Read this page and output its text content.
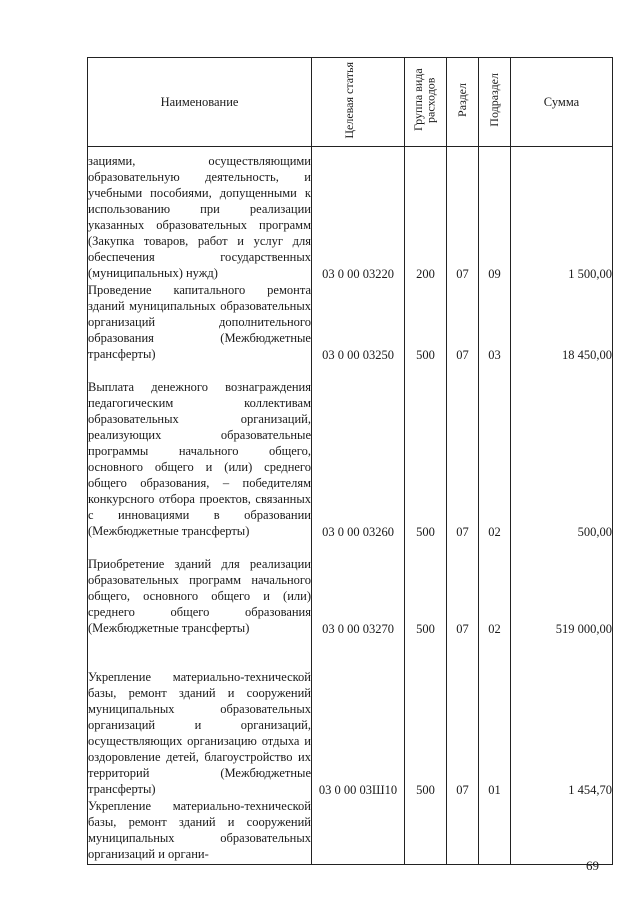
Наименование	Целевая статья	Группа вида расходов	Раздел	Подраздел	Сумма
зациями, осуществляющими образовательную деятельность, и учебными пособиями, допущенными к использованию при реализации указанных образовательных программ (Закупка товаров, работ и услуг для обеспечения государственных (муниципальных) нужд)	03 0 00 03220	200	07	09	1 500,00
Проведение капитального ремонта зданий муниципальных образовательных организаций дополнительного образования (Межбюджетные трансферты)	03 0 00 03250	500	07	03	18 450,00
Выплата денежного вознаграждения педагогическим коллективам образовательных организаций, реализующих образовательные программы начального общего, основного общего и (или) среднего общего образования, – победителям конкурсного отбора проектов, связанных с инновациями в образовании (Межбюджетные трансферты)	03 0 00 03260	500	07	02	500,00
Приобретение зданий для реализации образовательных программ начального общего, основного общего и (или) среднего общего образования (Межбюджетные трансферты)	03 0 00 03270	500	07	02	519 000,00
Укрепление материально-технической базы, ремонт зданий и сооружений муниципальных образовательных организаций и организаций, осуществляющих организацию отдыха и оздоровление детей, благоустройство их территорий (Межбюджетные трансферты)	03 0 00 03Ш10	500	07	01	1 454,70
Укрепление материально-технической базы, ремонт зданий и сооружений муниципальных образовательных организаций и органи-					
69
